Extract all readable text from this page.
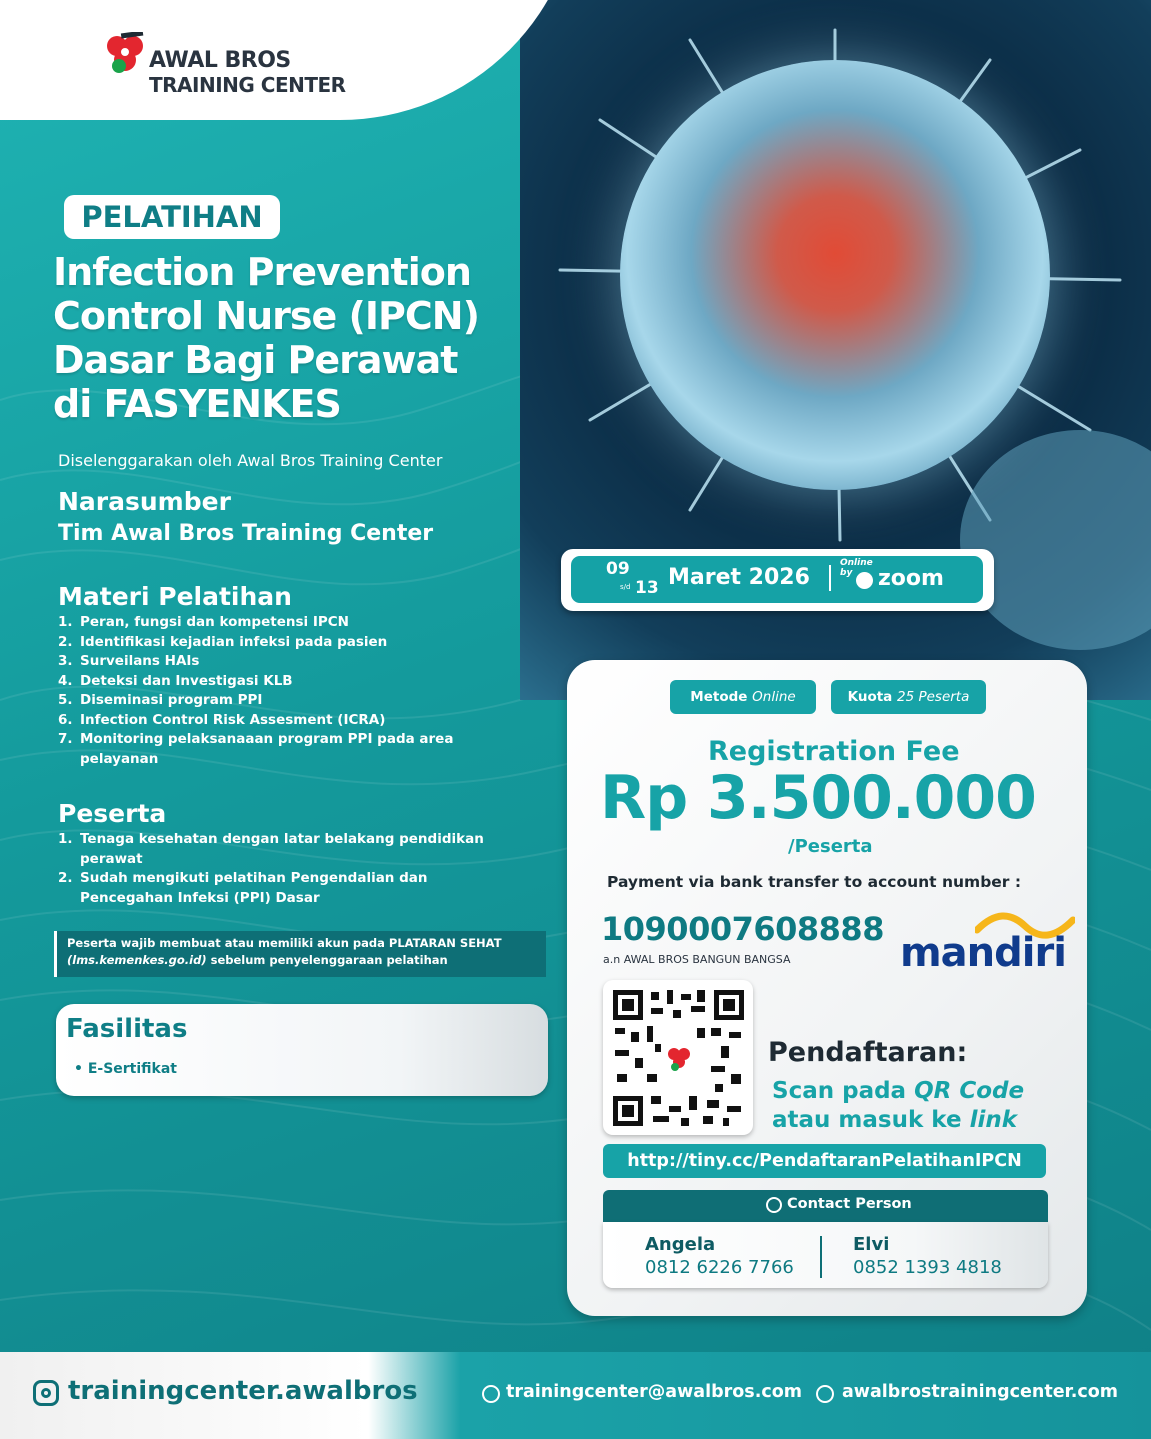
AWAL BROS
TRAINING CENTER
PELATIHAN
Infection Prevention
Control Nurse (IPCN)
Dasar Bagi Perawat
di FASYENKES
Diselenggarakan oleh Awal Bros Training Center
Narasumber
Tim Awal Bros Training Center
Materi Pelatihan
1. Peran, fungsi dan kompetensi IPCN
2. Identifikasi kejadian infeksi pada pasien
3. Surveilans HAIs
4. Deteksi dan Investigasi KLB
5. Diseminasi program PPI
6. Infection Control Risk Assesment (ICRA)
7. Monitoring pelaksanaaan program PPI pada area pelayanan
Peserta
1. Tenaga kesehatan dengan latar belakang pendidikan perawat
2. Sudah mengikuti pelatihan Pengendalian dan Pencegahan Infeksi (PPI) Dasar
Peserta wajib membuat atau memiliki akun pada PLATARAN SEHAT
(lms.kemenkes.go.id) sebelum penyelenggaraan pelatihan
Fasilitas
• E-Sertifikat
09
s/d 13 Maret 2026
Online
by	zoom
Metode Online	Kuota 25 Peserta
Registration Fee
Rp 3.500.000
/Peserta
Payment via bank transfer to account number :
1090007608888
a.n AWAL BROS BANGUN BANGSA	mandiri
Pendaftaran:
Scan pada QR Code
atau masuk ke link
http://tiny.cc/PendaftaranPelatihanIPCN
Contact Person
Angela
0812 6226 7766
Elvi
0852 1393 4818
trainingcenter.awalbros	trainingcenter@awalbros.com awalbrostrainingcenter.com
